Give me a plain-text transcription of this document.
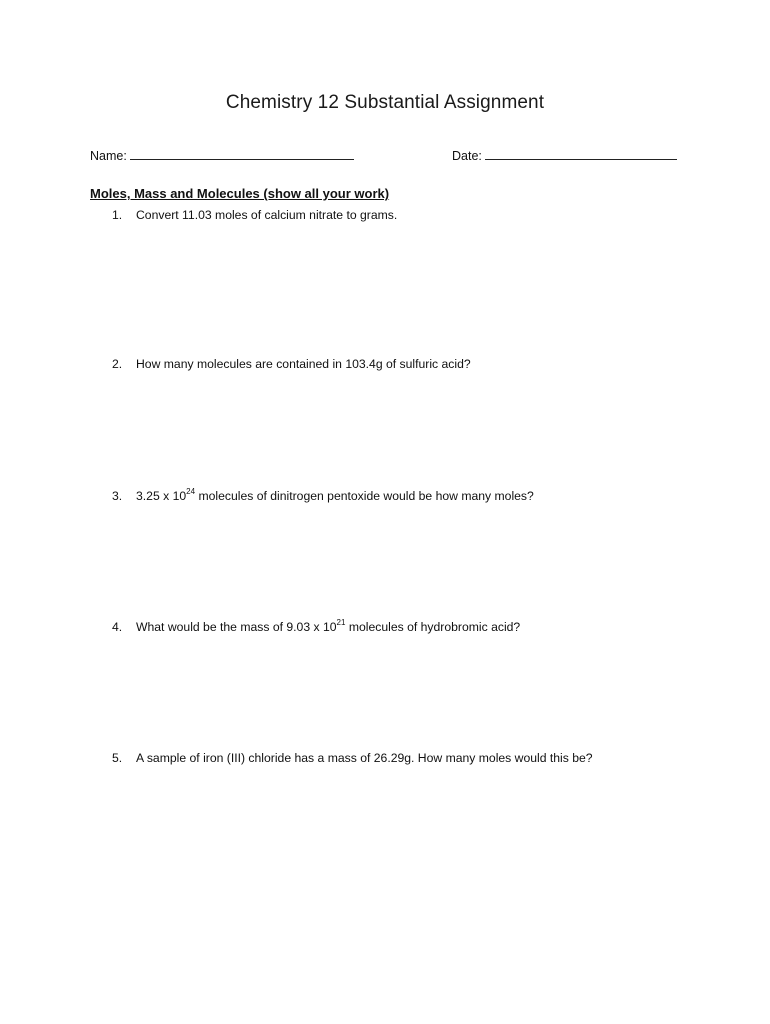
Chemistry 12 Substantial Assignment
Name:	Date:
Moles, Mass and Molecules (show all your work)
1. Convert 11.03 moles of calcium nitrate to grams.
2. How many molecules are contained in 103.4g of sulfuric acid?
3. 3.25 x $10^{24}$ molecules of dinitrogen pentoxide would be how many moles?
4. What would be the mass of 9.03 x $10^{21}$ molecules of hydrobromic acid?
5. A sample of iron (III) chloride has a mass of 26.29g. How many moles would this be?
